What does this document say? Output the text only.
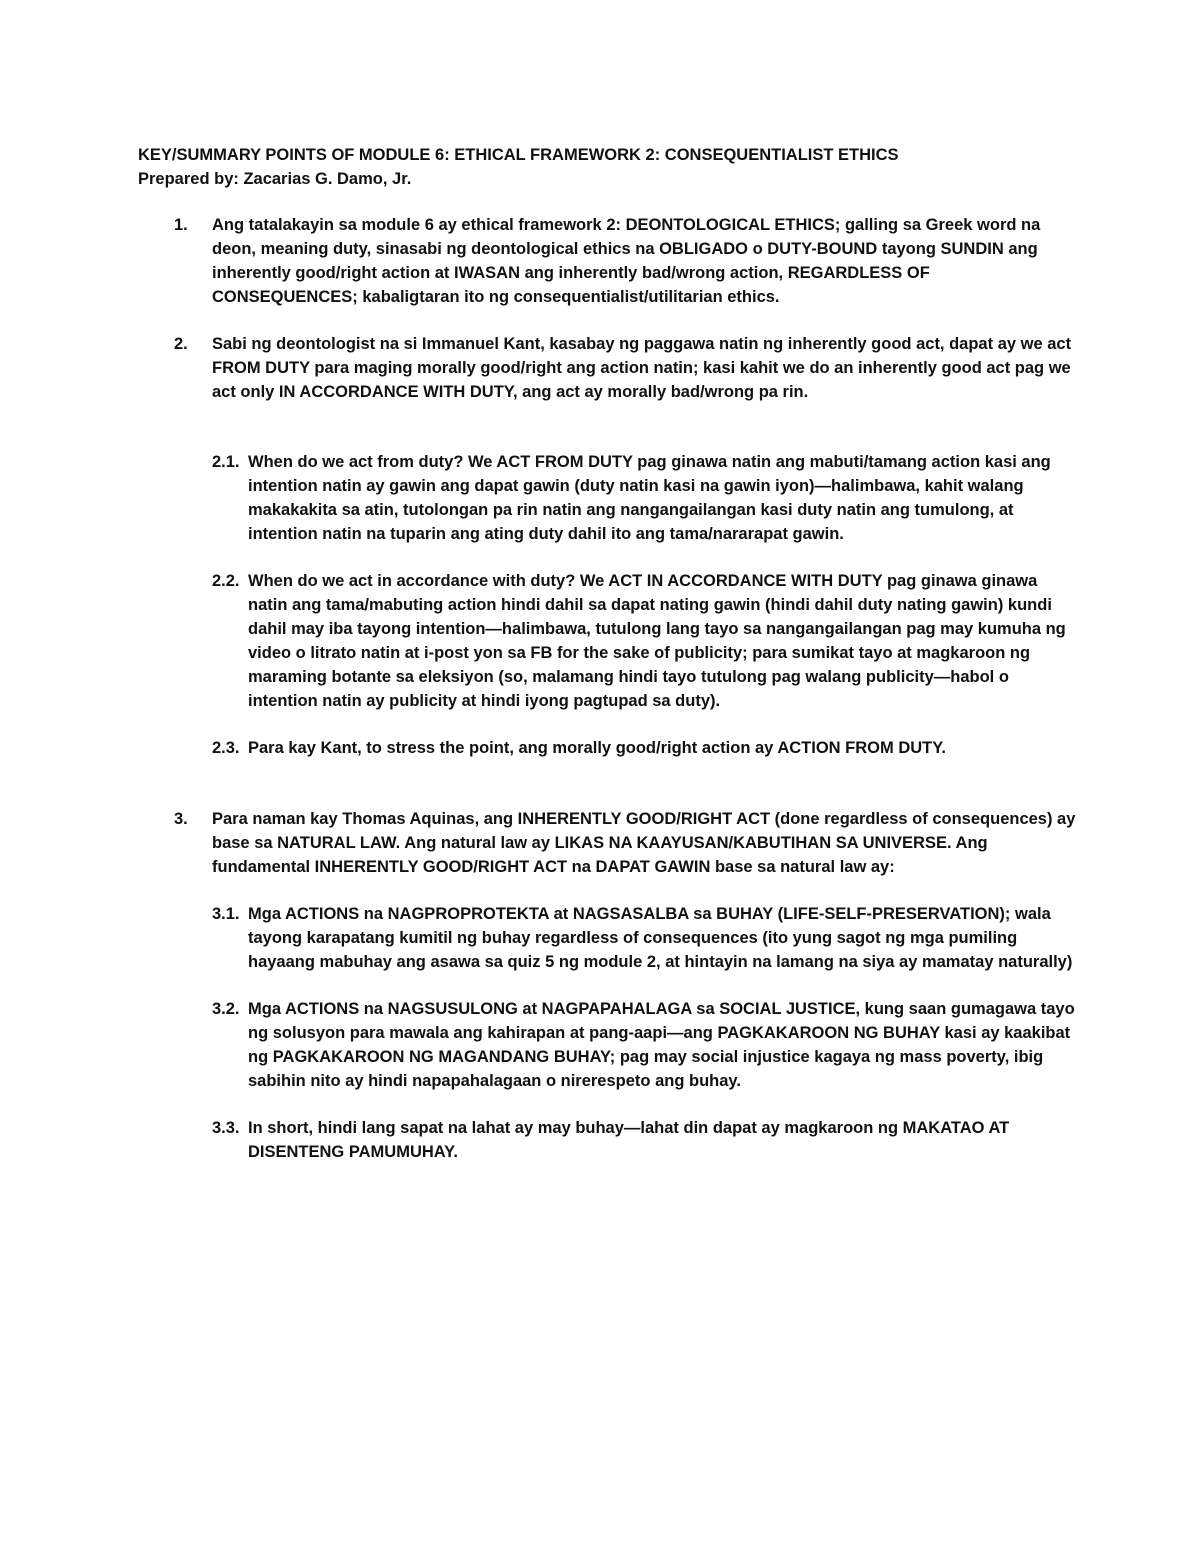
KEY/SUMMARY POINTS OF MODULE 6: ETHICAL FRAMEWORK 2: CONSEQUENTIALIST ETHICS
Prepared by: Zacarias G. Damo, Jr.
1. Ang tatalakayin sa module 6 ay ethical framework 2: DEONTOLOGICAL ETHICS; galling sa Greek word na deon, meaning duty, sinasabi ng deontological ethics na OBLIGADO o DUTY-BOUND tayong SUNDIN ang inherently good/right action at IWASAN ang inherently bad/wrong action, REGARDLESS OF CONSEQUENCES; kabaligtaran ito ng consequentialist/utilitarian ethics.
2. Sabi ng deontologist na si Immanuel Kant, kasabay ng paggawa natin ng inherently good act, dapat ay we act FROM DUTY para maging morally good/right ang action natin; kasi kahit we do an inherently good act pag we act only IN ACCORDANCE WITH DUTY, ang act ay morally bad/wrong pa rin.
2.1. When do we act from duty? We ACT FROM DUTY pag ginawa natin ang mabuti/tamang action kasi ang intention natin ay gawin ang dapat gawin (duty natin kasi na gawin iyon)—halimbawa, kahit walang makakakita sa atin, tutolongan pa rin natin ang nangangailangan kasi duty natin ang tumulong, at intention natin na tuparin ang ating duty dahil ito ang tama/nararapat gawin.
2.2. When do we act in accordance with duty? We ACT IN ACCORDANCE WITH DUTY pag ginawa ginawa natin ang tama/mabuting action hindi dahil sa dapat nating gawin (hindi dahil duty nating gawin) kundi dahil may iba tayong intention—halimbawa, tutulong lang tayo sa nangangailangan pag may kumuha ng video o litrato natin at i-post yon sa FB for the sake of publicity; para sumikat tayo at magkaroon ng maraming botante sa eleksiyon (so, malamang hindi tayo tutulong pag walang publicity—habol o intention natin ay publicity at hindi iyong pagtupad sa duty).
2.3. Para kay Kant, to stress the point, ang morally good/right action ay ACTION FROM DUTY.
3. Para naman kay Thomas Aquinas, ang INHERENTLY GOOD/RIGHT ACT (done regardless of consequences) ay base sa NATURAL LAW. Ang natural law ay LIKAS NA KAAYUSAN/KABUTIHAN SA UNIVERSE. Ang fundamental INHERENTLY GOOD/RIGHT ACT na DAPAT GAWIN base sa natural law ay:
3.1. Mga ACTIONS na NAGPROPROTEKTA at NAGSASALBA sa BUHAY (LIFE-SELF-PRESERVATION); wala tayong karapatang kumitil ng buhay regardless of consequences (ito yung sagot ng mga pumiling hayaang mabuhay ang asawa sa quiz 5 ng module 2, at hintayin na lamang na siya ay mamatay naturally)
3.2. Mga ACTIONS na NAGSUSULONG at NAGPAPAHALAGA sa SOCIAL JUSTICE, kung saan gumagawa tayo ng solusyon para mawala ang kahirapan at pang-aapi—ang PAGKAKAROON NG BUHAY kasi ay kaakibat ng PAGKAKAROON NG MAGANDANG BUHAY; pag may social injustice kagaya ng mass poverty, ibig sabihin nito ay hindi napapahalagaan o nirerespeto ang buhay.
3.3. In short, hindi lang sapat na lahat ay may buhay—lahat din dapat ay magkaroon ng MAKATAO AT DISENTENG PAMUMUHAY.
